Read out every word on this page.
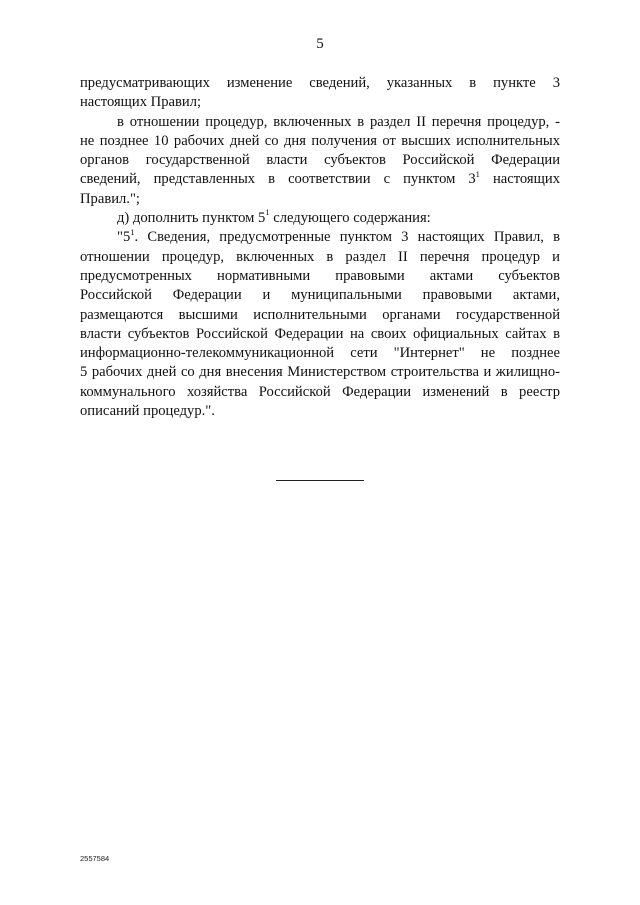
5

предусматривающих изменение сведений, указанных в пункте 3
настоящих Правил;

в отношении процедур, включенных в раздел II перечня процедур, -
не позднее 10 рабочих дней со дня получения от высших исполнительных
органов государственной власти субъектов Российской Федерации
сведений, представленных в соответствии с пунктом $3^1$ настоящих
Правил.";

д) дополнить пунктом $5^1$ следующего содержания:

"$5^1$. Сведения, предусмотренные пунктом 3 настоящих Правил, в
отношении процедур, включенных в раздел II перечня процедур и
предусмотренных нормативными правовыми актами субъектов
Российской Федерации и муниципальными правовыми актами,
размещаются высшими исполнительными органами государственной
власти субъектов Российской Федерации на своих официальных сайтах в
информационно-телекоммуникационной сети "Интернет" не позднее
5 рабочих дней со дня внесения Министерством строительства и жилищно-
коммунального хозяйства Российской Федерации изменений в реестр
описаний процедур.".

2557584
